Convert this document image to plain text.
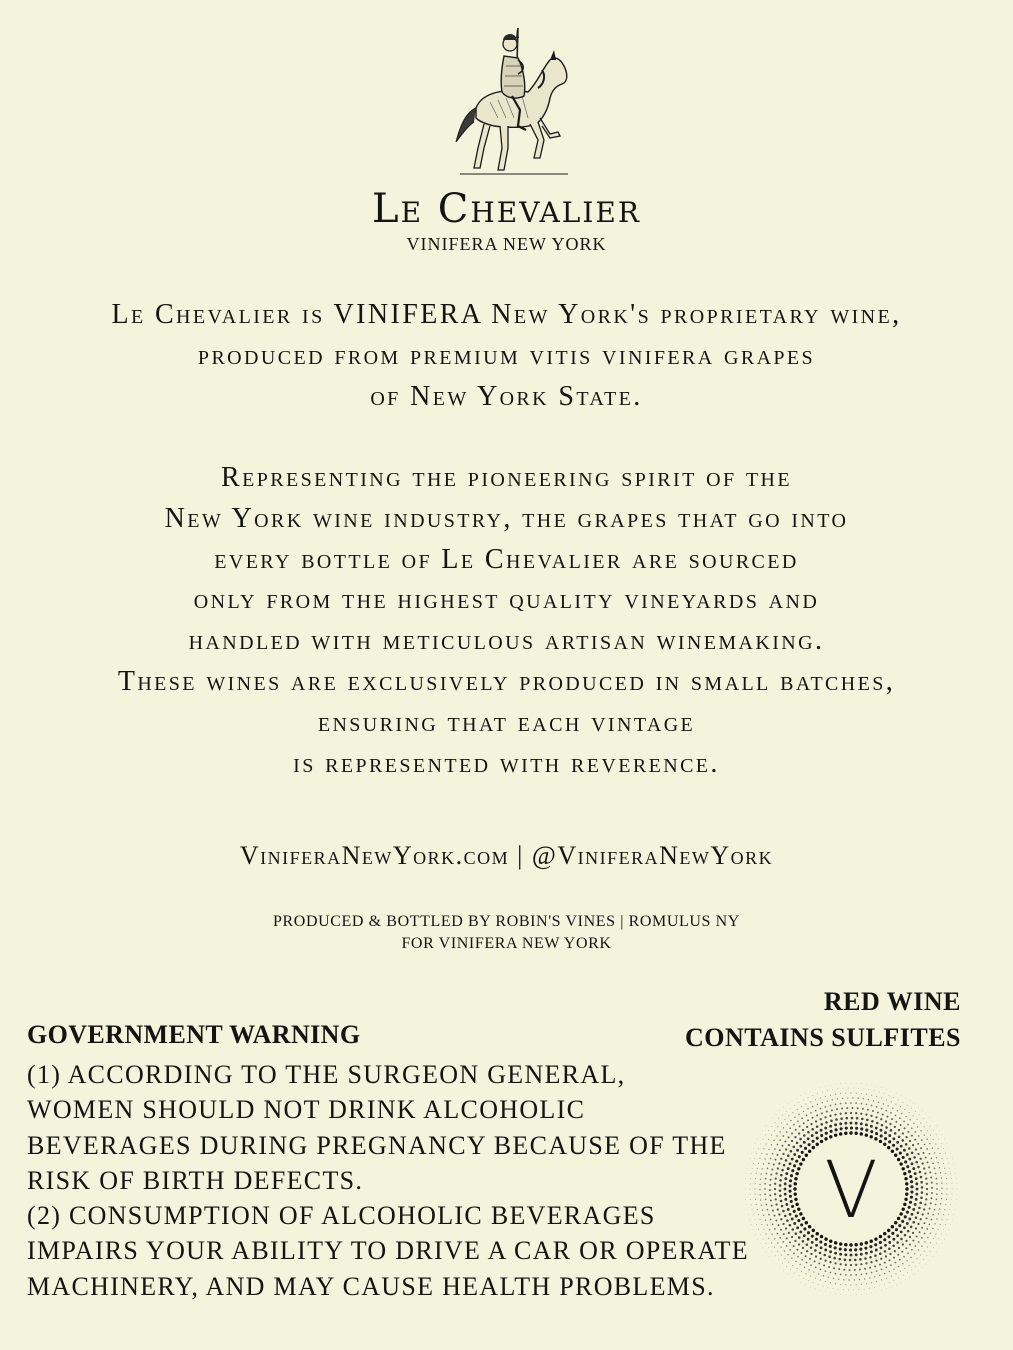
Le Chevalier
VINIFERA NEW YORK
Le Chevalier is VINIFERA New York's proprietary wine,
produced from premium vitis vinifera grapes
of New York State.
Representing the pioneering spirit of the
New York wine industry, the grapes that go into
every bottle of Le Chevalier are sourced
only from the highest quality vineyards and
handled with meticulous artisan winemaking.
These wines are exclusively produced in small batches,
ensuring that each vintage
is represented with reverence.
ViniferaNewYork.com | @ViniferaNewYork
PRODUCED & BOTTLED BY ROBIN'S VINES | ROMULUS NY
FOR VINIFERA NEW YORK
RED WINE
CONTAINS SULFITES
GOVERNMENT WARNING
(1) ACCORDING TO THE SURGEON GENERAL,
WOMEN SHOULD NOT DRINK ALCOHOLIC
BEVERAGES DURING PREGNANCY BECAUSE OF THE
RISK OF BIRTH DEFECTS.
(2) CONSUMPTION OF ALCOHOLIC BEVERAGES
IMPAIRS YOUR ABILITY TO DRIVE A CAR OR OPERATE
MACHINERY, AND MAY CAUSE HEALTH PROBLEMS.
V
